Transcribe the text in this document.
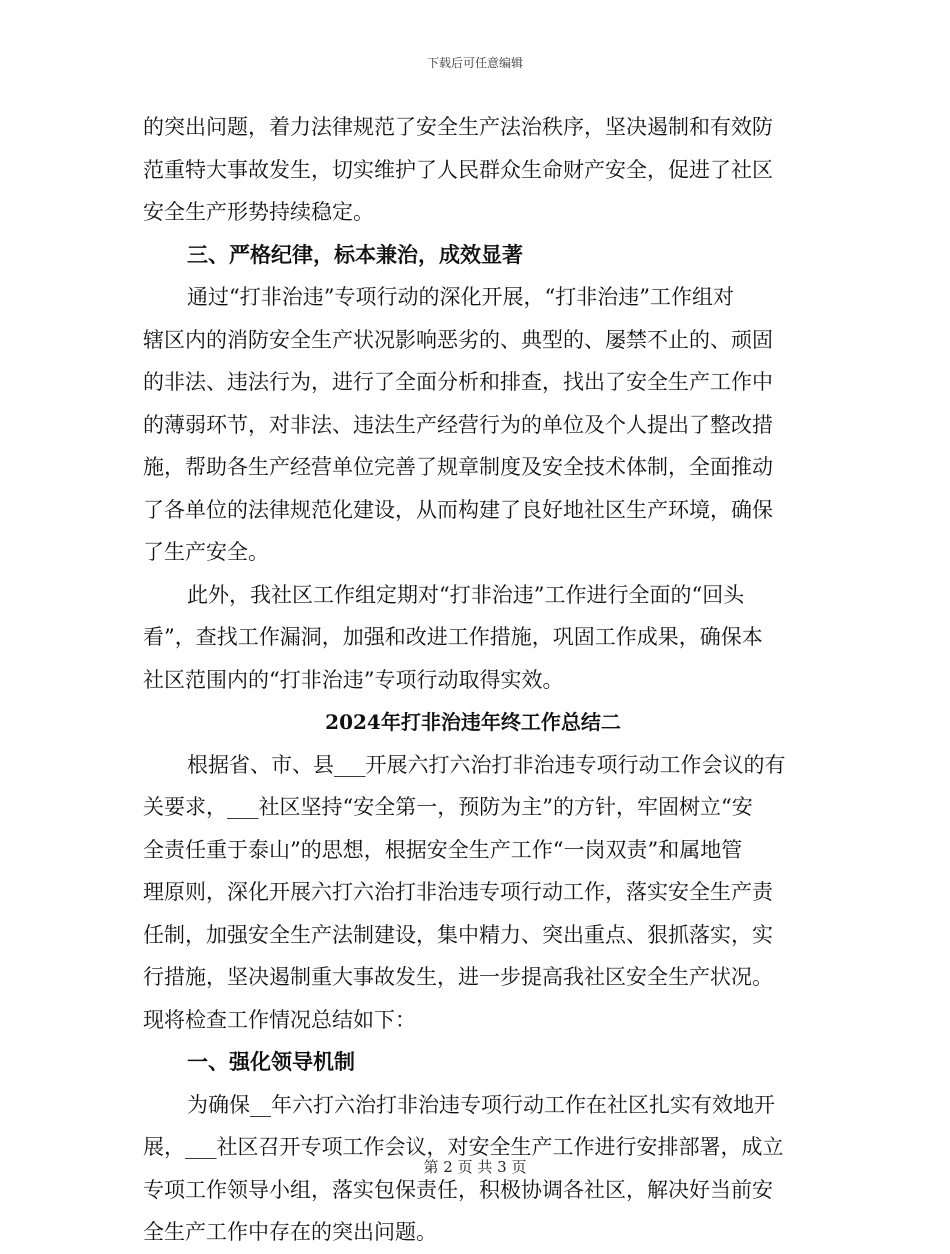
下载后可任意编辑
的突出问题，着力法律规范了安全生产法治秩序，坚决遏制和有效防
范重特大事故发生，切实维护了人民群众生命财产安全，促进了社区
安全生产形势持续稳定。
三、严格纪律，标本兼治，成效显著
通过“打非治违”专项行动的深化开展，“打非治违”工作组对
辖区内的消防安全生产状况影响恶劣的、典型的、屡禁不止的、顽固
的非法、违法行为，进行了全面分析和排查，找出了安全生产工作中
的薄弱环节，对非法、违法生产经营行为的单位及个人提出了整改措
施，帮助各生产经营单位完善了规章制度及安全技术体制，全面推动
了各单位的法律规范化建设，从而构建了良好地社区生产环境，确保
了生产安全。
此外，我社区工作组定期对“打非治违”工作进行全面的“回头
看”，查找工作漏洞，加强和改进工作措施，巩固工作成果，确保本
社区范围内的“打非治违”专项行动取得实效。
2024年打非治违年终工作总结二
根据省、市、县___开展六打六治打非治违专项行动工作会议的有
关要求，___社区坚持“安全第一，预防为主”的方针，牢固树立“安
全责任重于泰山”的思想，根据安全生产工作“一岗双责”和属地管
理原则，深化开展六打六治打非治违专项行动工作，落实安全生产责
任制，加强安全生产法制建设，集中精力、突出重点、狠抓落实，实
行措施，坚决遏制重大事故发生，进一步提高我社区安全生产状况。
现将检查工作情况总结如下：
一、强化领导机制
为确保__年六打六治打非治违专项行动工作在社区扎实有效地开
展，___社区召开专项工作会议，对安全生产工作进行安排部署，成立
专项工作领导小组，落实包保责任，积极协调各社区，解决好当前安
全生产工作中存在的突出问题。
第 2 页 共 3 页
